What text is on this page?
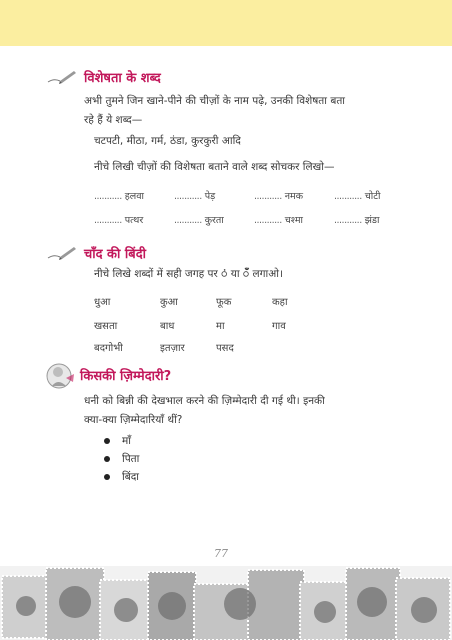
विशेषता के शब्द
अभी तुमने जिन खाने-पीने की चीज़ों के नाम पढ़े, उनकी विशेषता बता
रहे हैं ये शब्द—
चटपटी, मीठा, गर्म, ठंडा, कुरकुरी आदि
नीचे लिखी चीज़ों की विशेषता बताने वाले शब्द सोचकर लिखो—
........... हलवा	........... पेड़	........... नमक	........... चोटी
........... पत्थर	........... कुरता	........... चश्मा	........... झंडा
चाँद की बिंदी
नीचे लिखे शब्दों में सही जगह पर ं या ँ लगाओ।
धुआ	कुआ	फूक	कहा
खसता	बाध	मा	गाव
बदगोभी	इतज़ार	पसद
किसकी ज़िम्मेदारी?
धनी को बिन्नी की देखभाल करने की ज़िम्मेदारी दी गई थी। इनकी
क्या-क्या ज़िम्मेदारियाँ थीं?
माँ
पिता
बिंदा
77
